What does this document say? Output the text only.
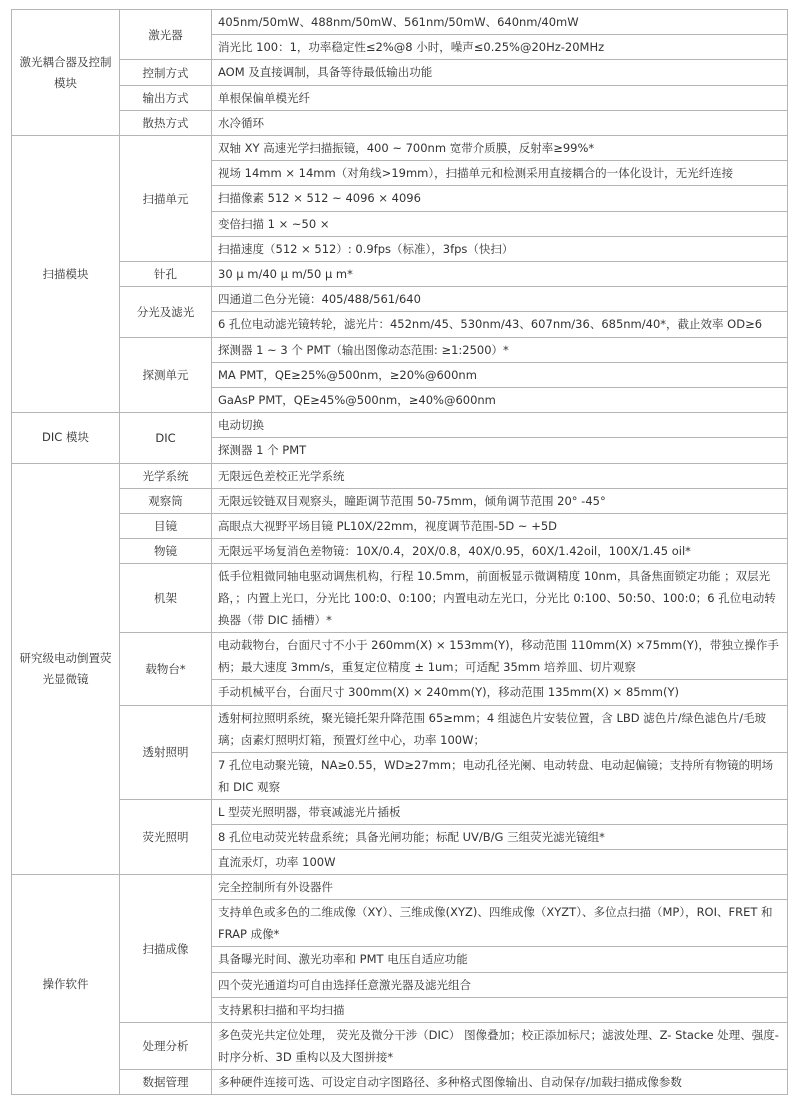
激光耦合器及控制模块	激光器	405nm/50mW、488nm/50mW、561nm/50mW、640nm/40mW
		消光比 100：1，功率稳定性≤2%@8 小时，噪声≤0.25%@20Hz-20MHz
	控制方式	AOM 及直接调制，具备等待最低输出功能
	输出方式	单根保偏单模光纤
	散热方式	水冷循环
扫描模块	扫描单元	双轴 XY 高速光学扫描振镜，400 ~ 700nm 宽带介质膜，反射率≥99%*
		视场 14mm × 14mm（对角线>19mm），扫描单元和检测采用直接耦合的一体化设计，无光纤连接
		扫描像素 512 × 512 ~ 4096 × 4096
		变倍扫描 1 × ~50 ×
		扫描速度（512 × 512）: 0.9fps（标准），3fps（快扫）
	针孔	30 μ m/40 μ m/50 μ m*
	分光及滤光	四通道二色分光镜：405/488/561/640
		6 孔位电动滤光镜转轮，滤光片：452nm/45、530nm/43、607nm/36、685nm/40*，截止效率 OD≥6
	探测单元	探测器 1 ~ 3 个 PMT（输出图像动态范围: ≥1:2500）*
		MA PMT，QE≥25%@500nm，≥20%@600nm
		GaAsP PMT，QE≥45%@500nm，≥40%@600nm
DIC 模块	DIC	电动切换
		探测器 1 个 PMT
研究级电动倒置荧光显微镜	光学系统	无限远色差校正光学系统
	观察筒	无限远铰链双目观察头，瞳距调节范围 50-75mm，倾角调节范围 20° -45°
	目镜	高眼点大视野平场目镜 PL10X/22mm，视度调节范围-5D ~ +5D
	物镜	无限远平场复消色差物镜：10X/0.4，20X/0.8，40X/0.95，60X/1.42oil，100X/1.45 oil*
	机架	低手位粗微同轴电驱动调焦机构，行程 10.5mm，前面板显示微调精度 10nm，具备焦面锁定功能 ；双层光路，；内置上光口，分光比 100:0、0:100；内置电动左光口，分光比 0:100、50:50、100:0；6 孔位电动转换器（带 DIC 插槽）*
	载物台*	电动载物台，台面尺寸不小于 260mm(X) × 153mm(Y)，移动范围 110mm(X) ×75mm(Y)，带独立操作手柄；最大速度 3mm/s，重复定位精度 ± 1um；可适配 35mm 培养皿、切片观察
		手动机械平台，台面尺寸 300mm(X) × 240mm(Y)，移动范围 135mm(X) × 85mm(Y)
	透射照明	透射柯拉照明系统，聚光镜托架升降范围 65≥mm；4 组滤色片安装位置，含 LBD 滤色片/绿色滤色片/毛玻璃；卤素灯照明灯箱，预置灯丝中心，功率 100W；
		7 孔位电动聚光镜，NA≥0.55，WD≥27mm；电动孔径光阑、电动转盘、电动起偏镜；支持所有物镜的明场和 DIC 观察
	荧光照明	L 型荧光照明器，带衰减滤光片插板
		8 孔位电动荧光转盘系统；具备光闸功能；标配 UV/B/G 三组荧光滤光镜组*
		直流汞灯，功率 100W
操作软件	扫描成像	完全控制所有外设器件
		支持单色或多色的二维成像（XY）、三维成像(XYZ)、四维成像（XYZT）、多位点扫描（MP），ROI、FRET 和 FRAP 成像*
		具备曝光时间、激光功率和 PMT 电压自适应功能
		四个荧光通道均可自由选择任意激光器及滤光组合
		支持累积扫描和平均扫描
	处理分析	多色荧光共定位处理， 荧光及微分干涉（DIC） 图像叠加；校正添加标尺；滤波处理、Z- Stacke 处理、强度-时序分析、3D 重构以及大图拼接*
	数据管理	多种硬件连接可选、可设定自动字图路径、多种格式图像输出、自动保存/加载扫描成像参数
